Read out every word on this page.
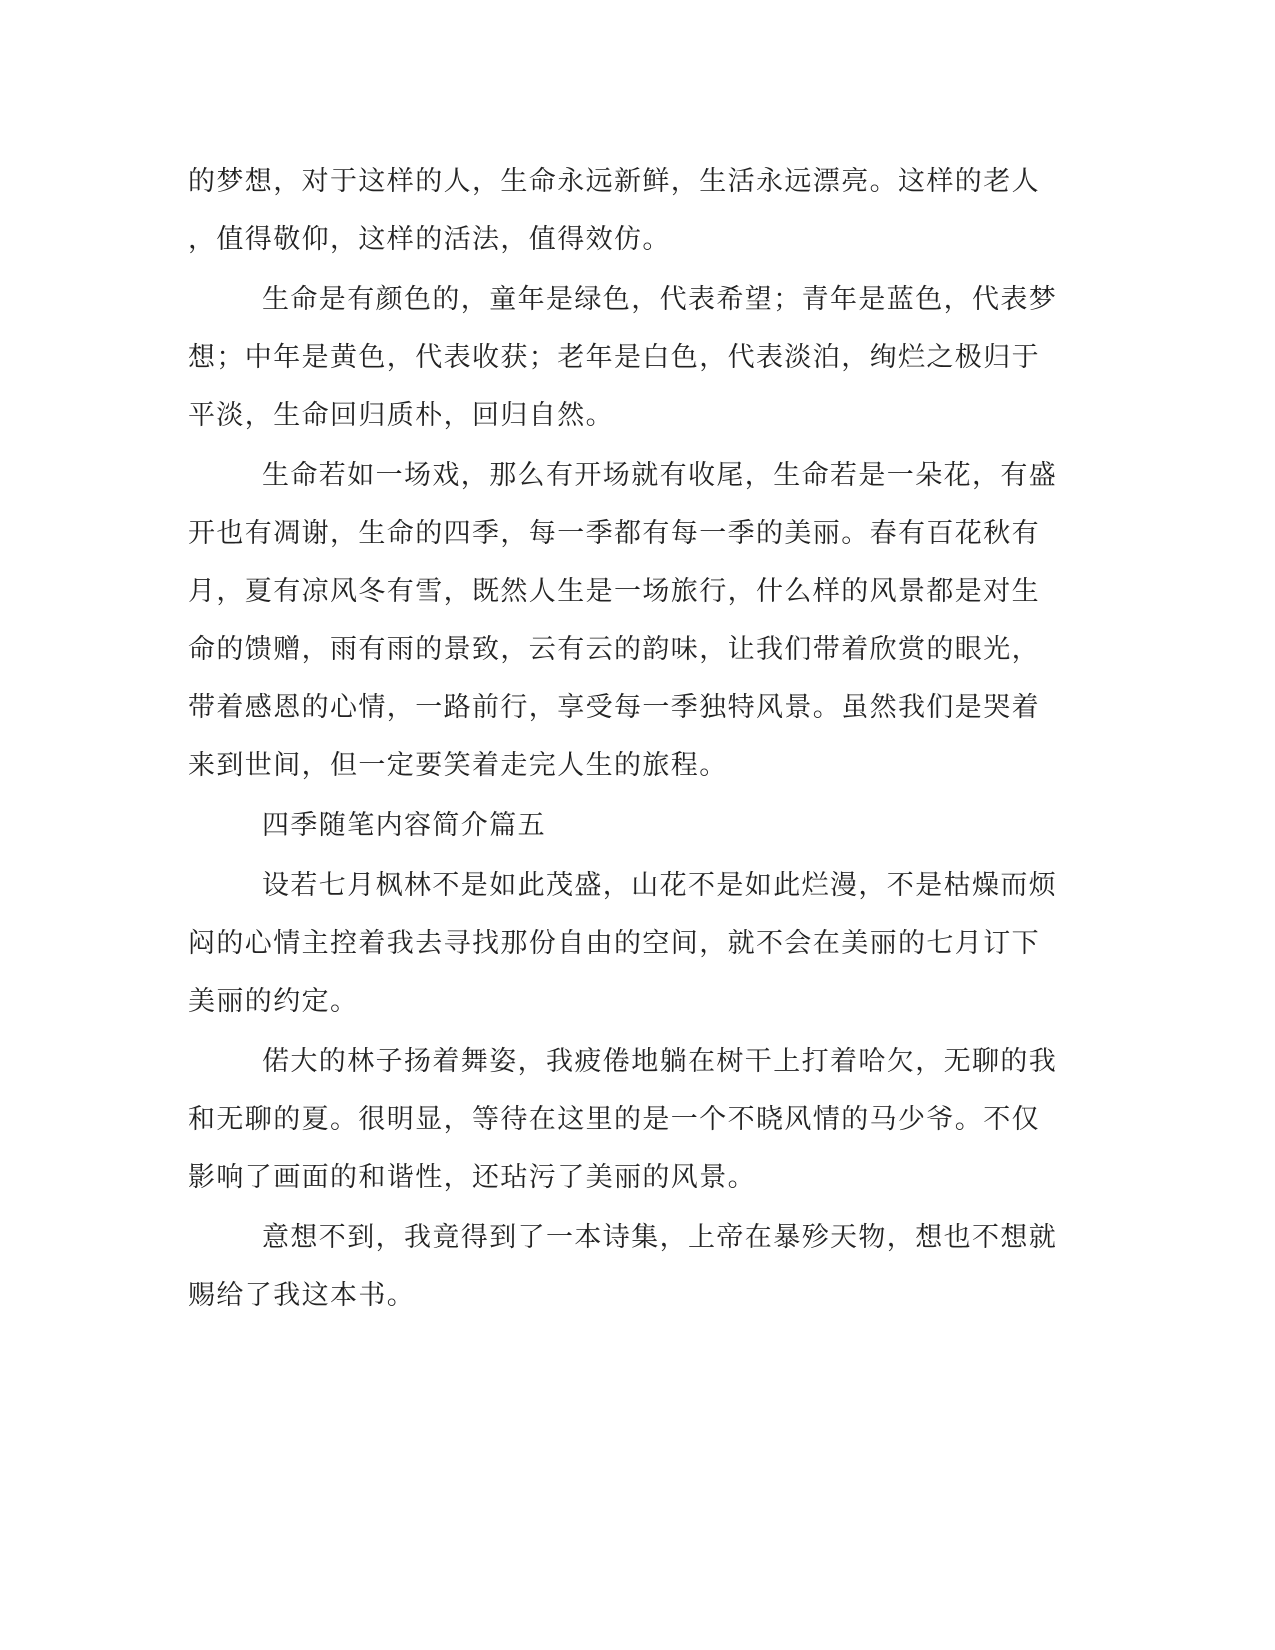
的梦想，对于这样的人，生命永远新鲜，生活永远漂亮。这样的老人
，值得敬仰，这样的活法，值得效仿。
生命是有颜色的，童年是绿色，代表希望；青年是蓝色，代表梦
想；中年是黄色，代表收获；老年是白色，代表淡泊，绚烂之极归于
平淡，生命回归质朴，回归自然。
生命若如一场戏，那么有开场就有收尾，生命若是一朵花，有盛
开也有凋谢，生命的四季，每一季都有每一季的美丽。春有百花秋有
月，夏有凉风冬有雪，既然人生是一场旅行，什么样的风景都是对生
命的馈赠，雨有雨的景致，云有云的韵味，让我们带着欣赏的眼光，
带着感恩的心情，一路前行，享受每一季独特风景。虽然我们是哭着
来到世间，但一定要笑着走完人生的旅程。
四季随笔内容简介篇五
设若七月枫林不是如此茂盛，山花不是如此烂漫，不是枯燥而烦
闷的心情主控着我去寻找那份自由的空间，就不会在美丽的七月订下
美丽的约定。
偌大的林子扬着舞姿，我疲倦地躺在树干上打着哈欠，无聊的我
和无聊的夏。很明显，等待在这里的是一个不晓风情的马少爷。不仅
影响了画面的和谐性，还玷污了美丽的风景。
意想不到，我竟得到了一本诗集，上帝在暴殄天物，想也不想就
赐给了我这本书。
